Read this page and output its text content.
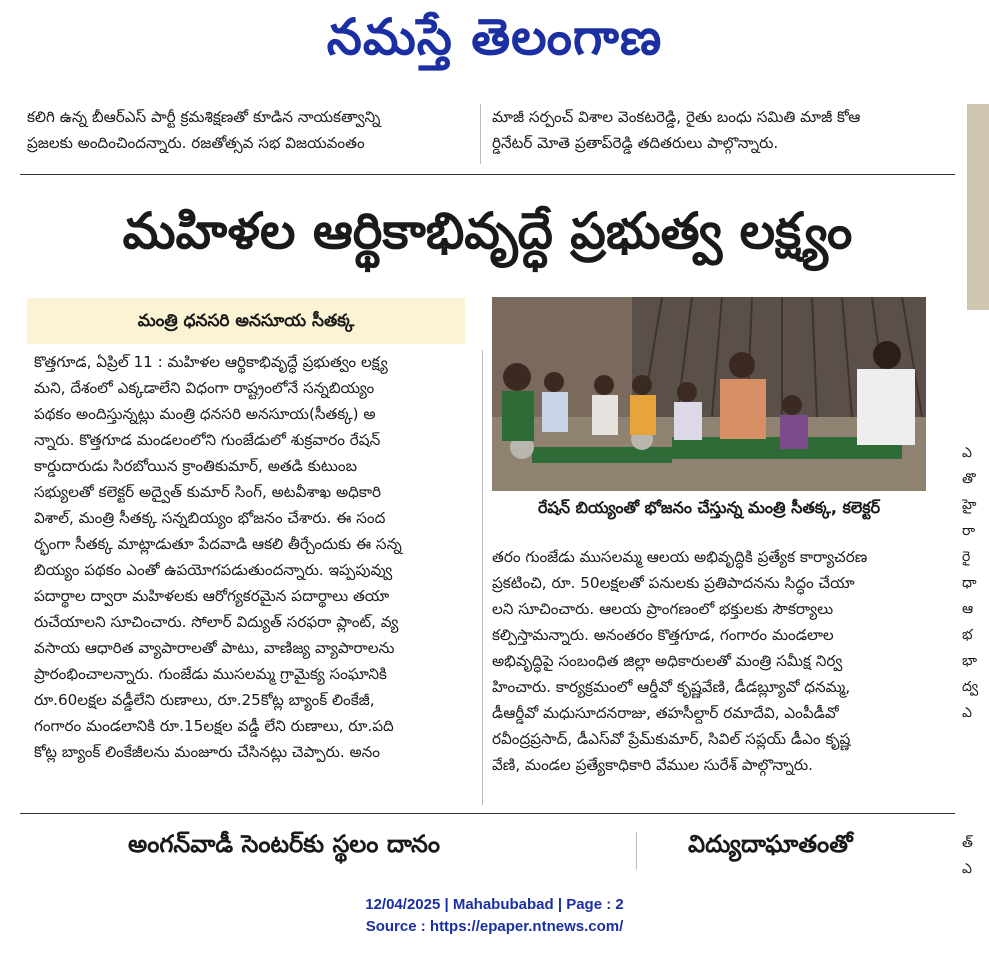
నమస్తే తెలంగాణ
కలిగి ఉన్న బీఆర్‌ఎస్ పార్టీ క్రమశిక్షణతో కూడిన నాయకత్వాన్ని
ప్రజలకు అందించిందన్నారు. రజతోత్సవ సభ విజయవంతం
మాజీ సర్పంచ్ విశాల వెంకటరెడ్డి, రైతు బంధు సమితి మాజీ కోఆ
ర్డినేటర్ మోతె ప్రతాప్‌రెడ్డి తదితరులు పాల్గొన్నారు.
మహిళల ఆర్థికాభివృద్ధే ప్రభుత్వ లక్ష్యం
మంత్రి ధనసరి అనసూయ సీతక్క
కొత్తగూడ, ఏప్రిల్ 11 : మహిళల ఆర్థికాభివృద్ధే ప్రభుత్వం లక్ష్య
మని, దేశంలో ఎక్కడాలేని విధంగా రాష్ట్రంలోనే సన్నబియ్యం
పథకం అందిస్తున్నట్లు మంత్రి ధనసరి అనసూయ(సీతక్క) అ
న్నారు. కొత్తగూడ మండలంలోని గుంజేడులో శుక్రవారం రేషన్
కార్డుదారుడు సిరబోయిన క్రాంతికుమార్, అతడి కుటుంబ
సభ్యులతో కలెక్టర్ అద్వైత్ కుమార్ సింగ్, అటవీశాఖ అధికారి
విశాల్, మంత్రి సీతక్క సన్నబియ్యం భోజనం చేశారు. ఈ సంద
ర్భంగా సీతక్క మాట్లాడుతూ పేదవాడి ఆకలి తీర్చేందుకు ఈ సన్న
బియ్యం పథకం ఎంతో ఉపయోగపడుతుందన్నారు. ఇప్పపువ్వు
పదార్థాల ద్వారా మహిళలకు ఆరోగ్యకరమైన పదార్థాలు తయా
రుచేయాలని సూచించారు. సోలార్ విద్యుత్ సరఫరా ప్లాంట్, వ్య
వసాయ ఆధారిత వ్యాపారాలతో పాటు, వాణిజ్య వ్యాపారాలను
ప్రారంభించాలన్నారు. గుంజేడు ముసలమ్మ గ్రామైక్య సంఘానికి
రూ.60లక్షల వడ్డీలేని రుణాలు, రూ.25కోట్ల బ్యాంక్ లింకేజీ,
గంగారం మండలానికి రూ.15లక్షల వడ్డీ లేని రుణాలు, రూ.పది
కోట్ల బ్యాంక్ లింకేజీలను మంజూరు చేసినట్లు చెప్పారు. అనం
రేషన్ బియ్యంతో భోజనం చేస్తున్న మంత్రి సీతక్క, కలెక్టర్
తరం గుంజేడు ముసలమ్మ ఆలయ అభివృద్ధికి ప్రత్యేక కార్యాచరణ
ప్రకటించి, రూ. 50లక్షలతో పనులకు ప్రతిపాదనను సిద్ధం చేయా
లని సూచించారు. ఆలయ ప్రాంగణంలో భక్తులకు సౌకర్యాలు
కల్పిస్తామన్నారు. అనంతరం కొత్తగూడ, గంగారం మండలాల
అభివృద్ధిపై సంబంధిత జిల్లా అధికారులతో మంత్రి సమీక్ష నిర్వ
హించారు. కార్యక్రమంలో ఆర్డీవో కృష్ణవేణి, డీడబ్ల్యూవో ధనమ్మ,
డీఆర్డీవో మధుసూదనరాజు, తహసీల్దార్ రమాదేవి, ఎంపీడీవో
రవీంద్రప్రసాద్, డీఎస్‌వో ప్రేమ్‌కుమార్, సివిల్ సప్లయ్ డీఎం కృష్ణ
వేణి, మండల ప్రత్యేకాధికారి వేముల సురేశ్ పాల్గొన్నారు.
అంగన్‌వాడీ సెంటర్‌కు స్థలం దానం	విద్యుదాఘాతంతో
ఎ
తొ
హై
రా
రై
ధా
ఆ
భ
భా
ద్వ
ఎ
త్
ఎ
12/04/2025 | Mahabubabad | Page : 2
Source : https://epaper.ntnews.com/
